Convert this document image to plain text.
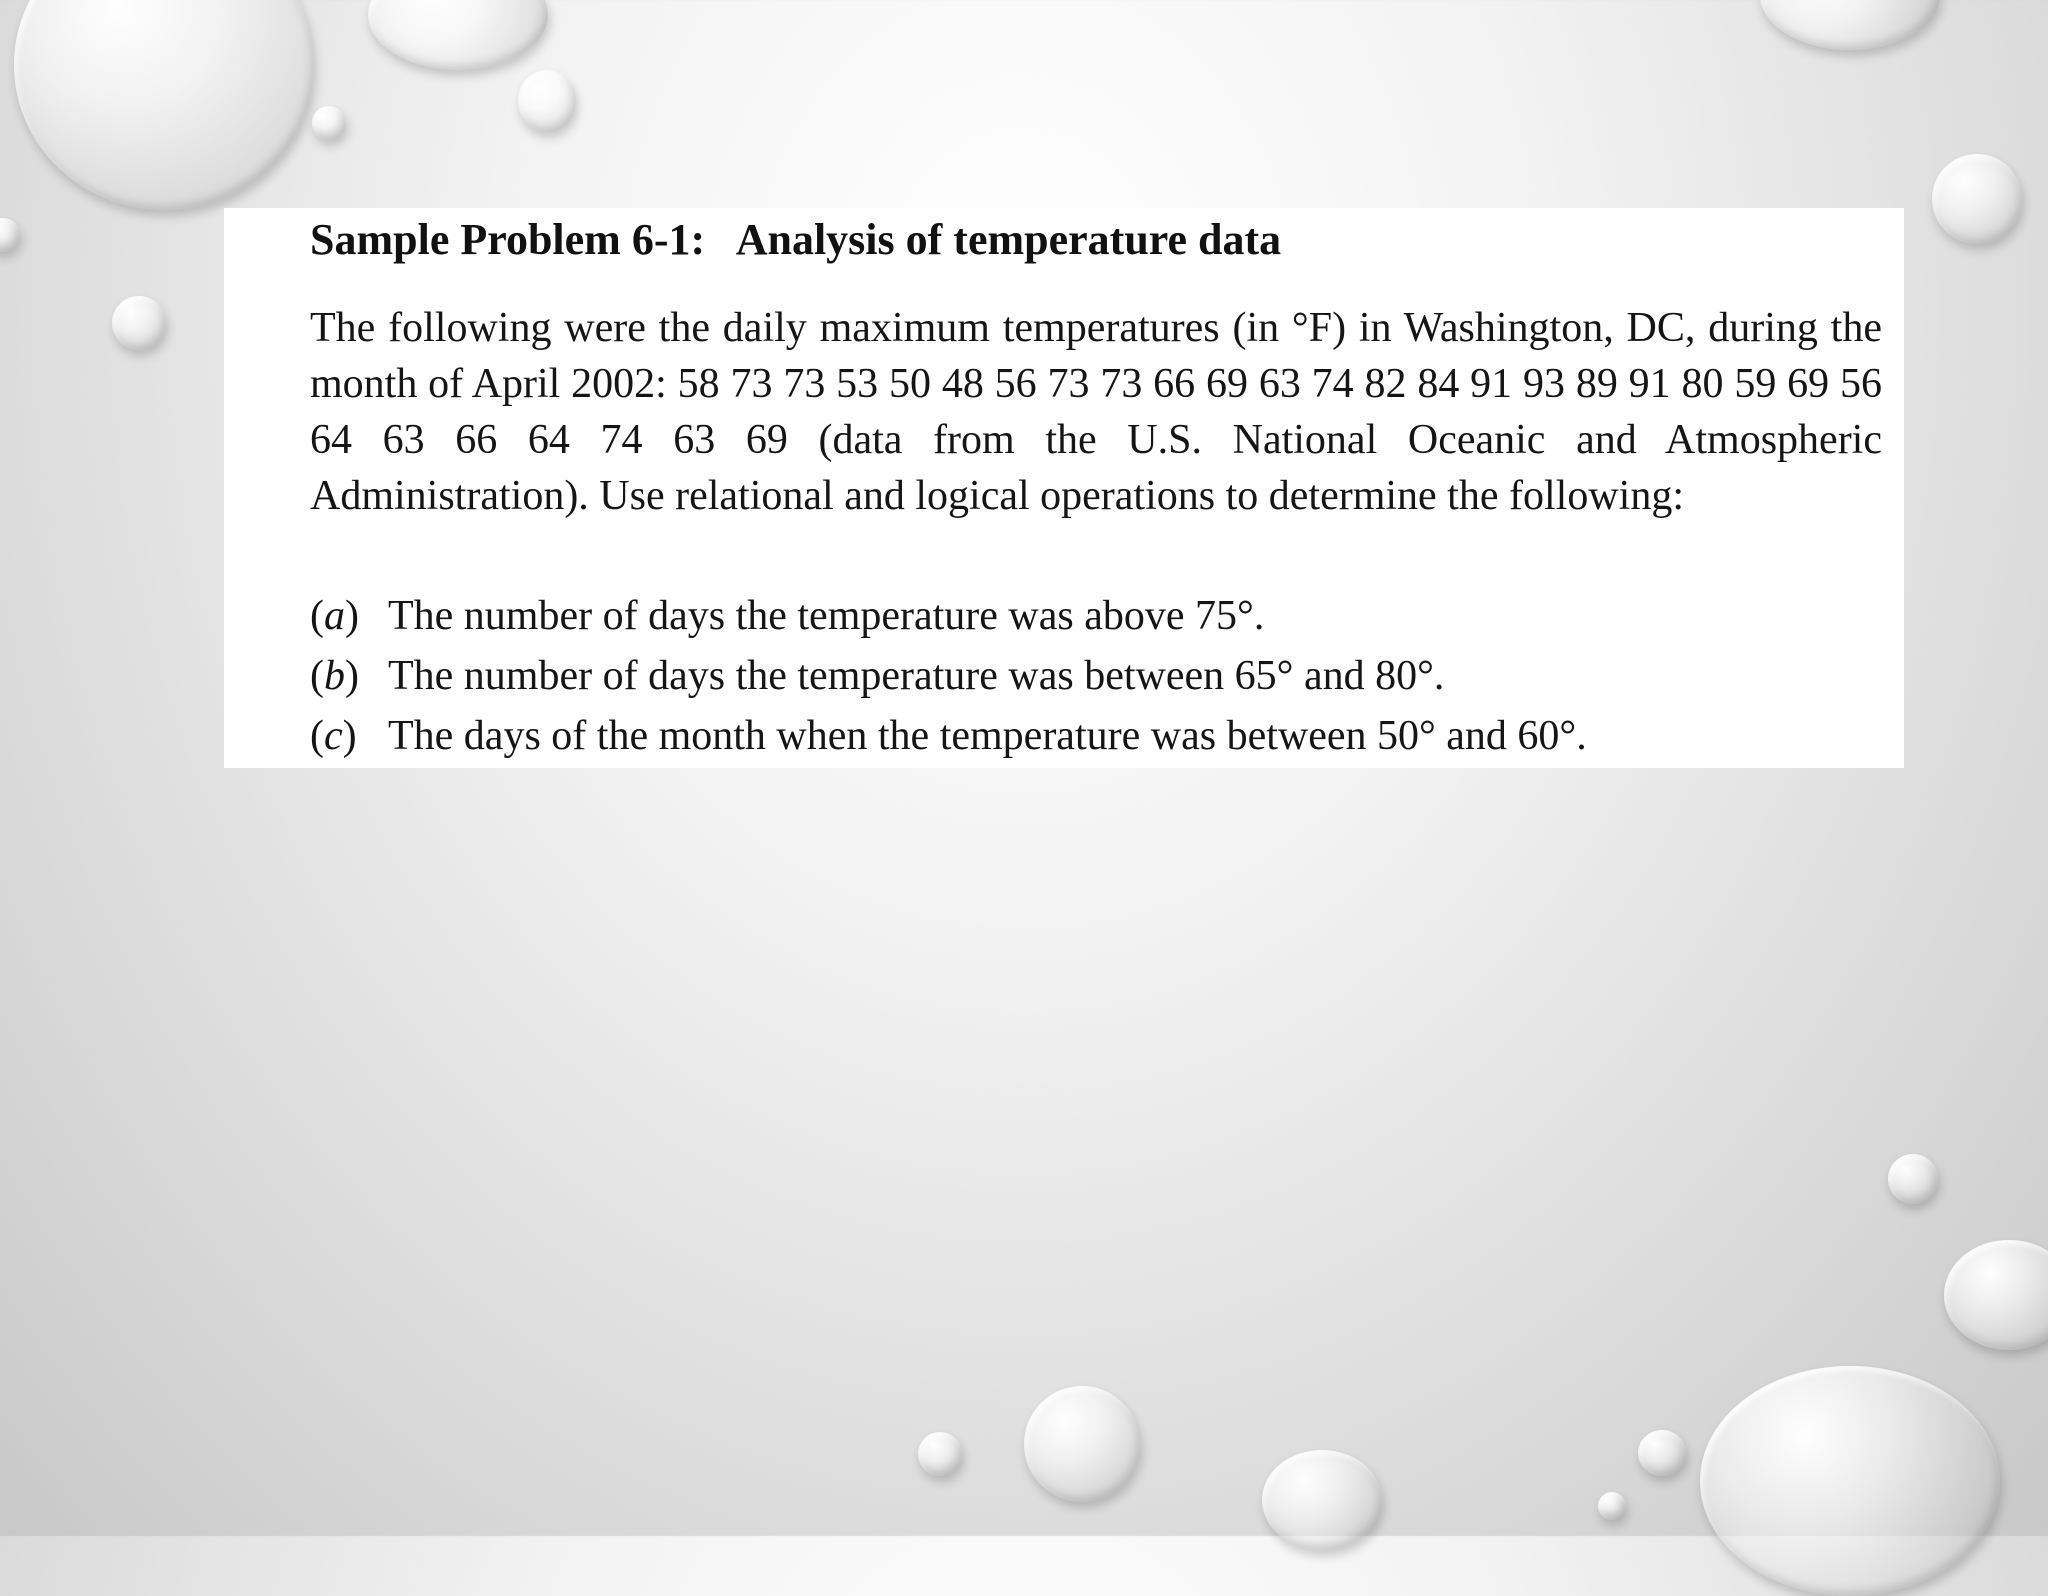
Sample Problem 6-1:   Analysis of temperature data

The following were the daily maximum temperatures (in °F) in Washington, DC, during the month of April 2002: 58 73 73 53 50 48 56 73 73 66 69 63 74 82 84 91 93 89 91 80 59 69 56 64 63 66 64 74 63 69 (data from the U.S. National Oceanic and Atmospheric Administration). Use relational and logical operations to determine the following:

(a) The number of days the temperature was above 75°.
(b) The number of days the temperature was between 65° and 80°.
(c) The days of the month when the temperature was between 50° and 60°.
